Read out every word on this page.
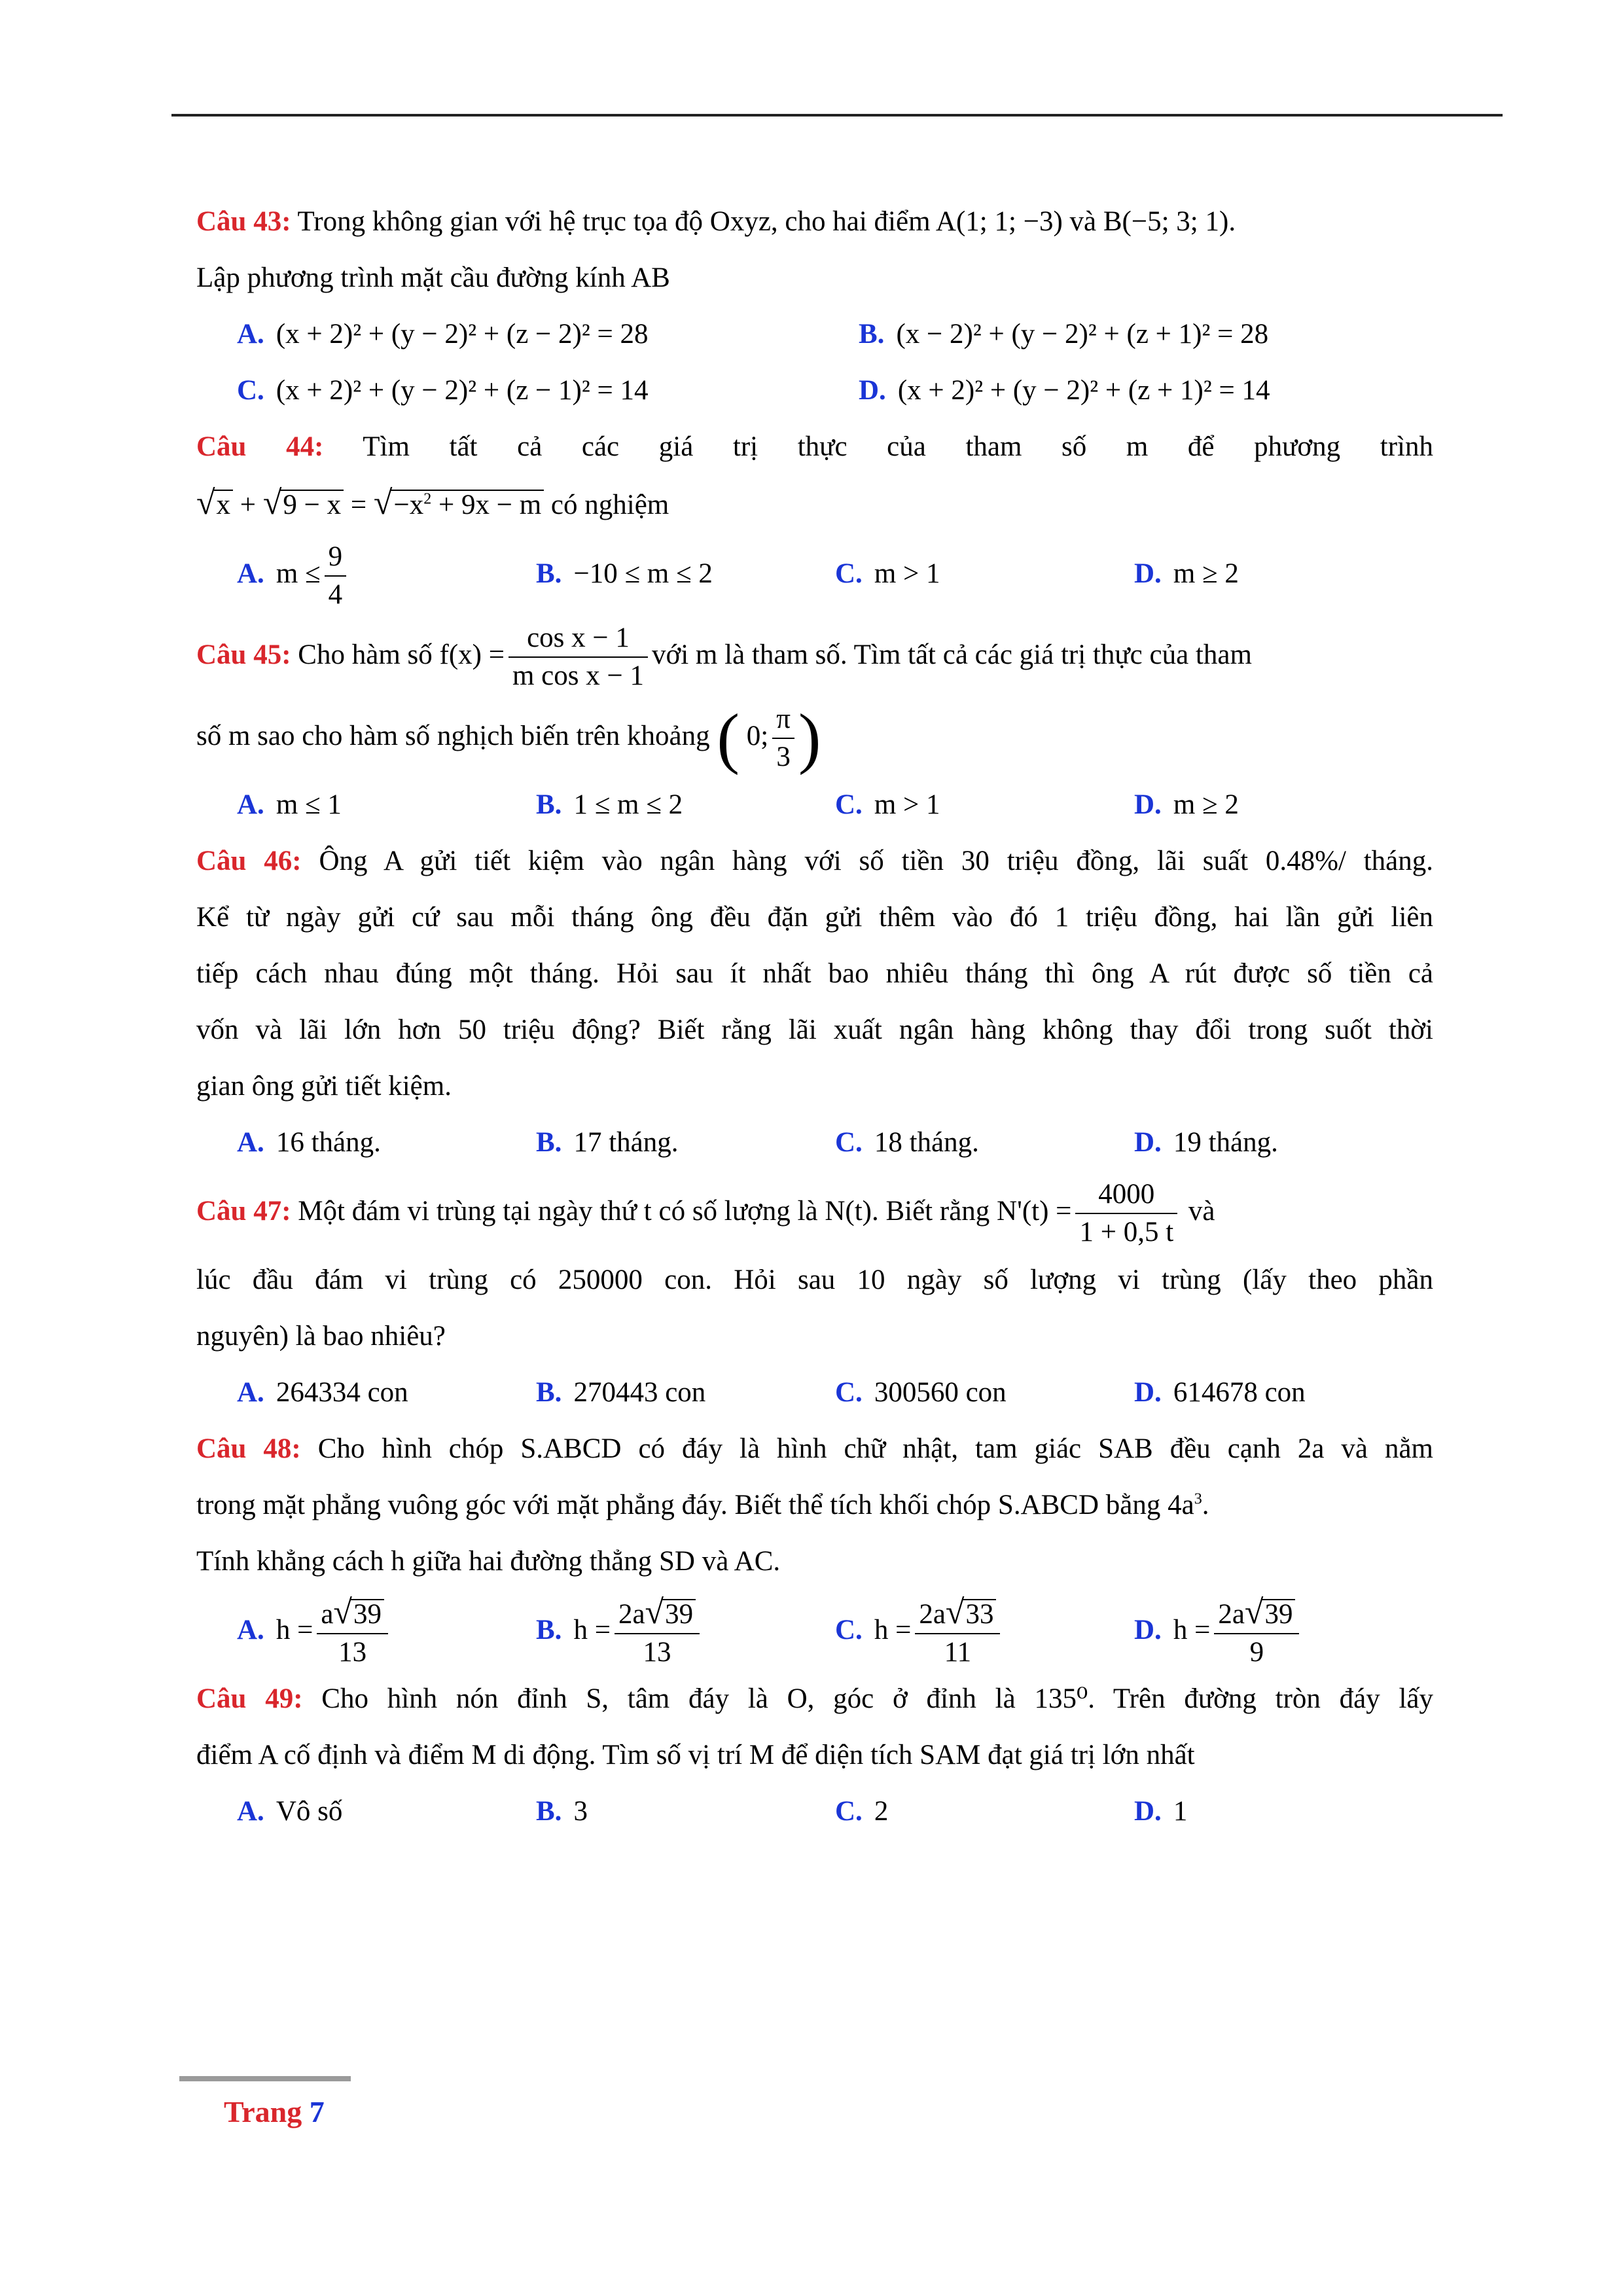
Câu 43: Trong không gian với hệ trục tọa độ Oxyz, cho hai điểm A(1; 1; −3) và B(−5; 3; 1).
Lập phương trình mặt cầu đường kính AB
A. (x + 2)² + (y − 2)² + (z − 2)² = 28	B. (x − 2)² + (y − 2)² + (z + 1)² = 28
C. (x + 2)² + (y − 2)² + (z − 1)² = 14	D. (x + 2)² + (y − 2)² + (z + 1)² = 14
Câu 44: Tìm tất cả các giá trị thực của tham số m để phương trình
$√x + √9 - x = √-x^2 + 9x - m$ có nghiệm
A. $m \le \frac{9}{4}$	B. −10 ≤ m ≤ 2	C. m > 1	D. m ≥ 2
Câu 45: Cho hàm số $f(x) = \frac{\text{cos x − 1}}{\text{m cos x − 1}}$ với m là tham số. Tìm tất cả các giá trị thực của tham
số m sao cho hàm số nghịch biến trên khoảng ( 0; $\frac{\pi}{3}$ )
A. m ≤ 1	B. 1 ≤ m ≤ 2	C. m > 1	D. m ≥ 2
Câu 46: Ông A gửi tiết kiệm vào ngân hàng với số tiền 30 triệu đồng, lãi suất 0.48%/ tháng.
Kể từ ngày gửi cứ sau mỗi tháng ông đều đặn gửi thêm vào đó 1 triệu đồng, hai lần gửi liên
tiếp cách nhau đúng một tháng. Hỏi sau ít nhất bao nhiêu tháng thì ông A rút được số tiền cả
vốn và lãi lớn hơn 50 triệu động? Biết rằng lãi xuất ngân hàng không thay đổi trong suốt thời
gian ông gửi tiết kiệm.
A. 16 tháng.	B. 17 tháng.	C. 18 tháng.	D. 19 tháng.
Câu 47: Một đám vi trùng tại ngày thứ t có số lượng là N(t). Biết rằng $N'(t) = \frac{4000}{1 + 0,5 t}$ và
lúc đầu đám vi trùng có 250000 con. Hỏi sau 10 ngày số lượng vi trùng (lấy theo phần
nguyên) là bao nhiêu?
A. 264334 con	B. 270443 con	C. 300560 con	D. 614678 con
Câu 48: Cho hình chóp S.ABCD có đáy là hình chữ nhật, tam giác SAB đều cạnh 2a và nằm
trong mặt phẳng vuông góc với mặt phẳng đáy. Biết thể tích khối chóp S.ABCD bằng $4a^3$.
Tính khẳng cách h giữa hai đường thẳng SD và AC.
A. $h = \frac{a√39}{13}$	B. $h = \frac{2a√39}{13}$	C. $h = \frac{2a√33}{11}$	D. $h = \frac{2a√39}{9}$
Câu 49: Cho hình nón đỉnh S, tâm đáy là O, góc ở đỉnh là 135⁰. Trên đường tròn đáy lấy
điểm A cố định và điểm M di động. Tìm số vị trí M để diện tích SAM đạt giá trị lớn nhất
A. Vô số	B. 3	C. 2	D. 1
Trang 7
